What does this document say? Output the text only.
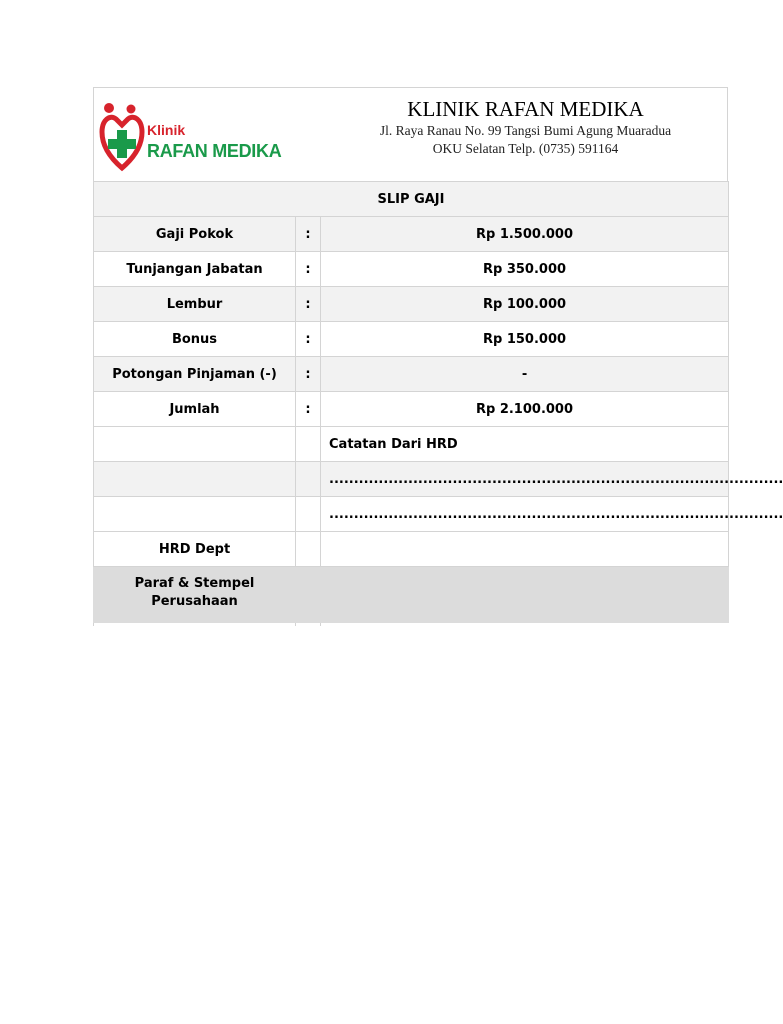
Klinik
RAFAN MEDIKA
KLINIK RAFAN MEDIKA
Jl. Raya Ranau No. 99 Tangsi Bumi Agung Muaradua
OKU Selatan Telp. (0735) 591164
SLIP GAJI		
Gaji Pokok	:	Rp 1.500.000
Tunjangan Jabatan	:	Rp 350.000
Lembur	:	Rp 100.000
Bonus	:	Rp 150.000
Potongan Pinjaman (-)	:	-
Jumlah	:	Rp 2.100.000
		Catatan Dari HRD
		............................................................................................
		............................................................................................
HRD Dept		

Paraf & Stempel
Perusahaan		
